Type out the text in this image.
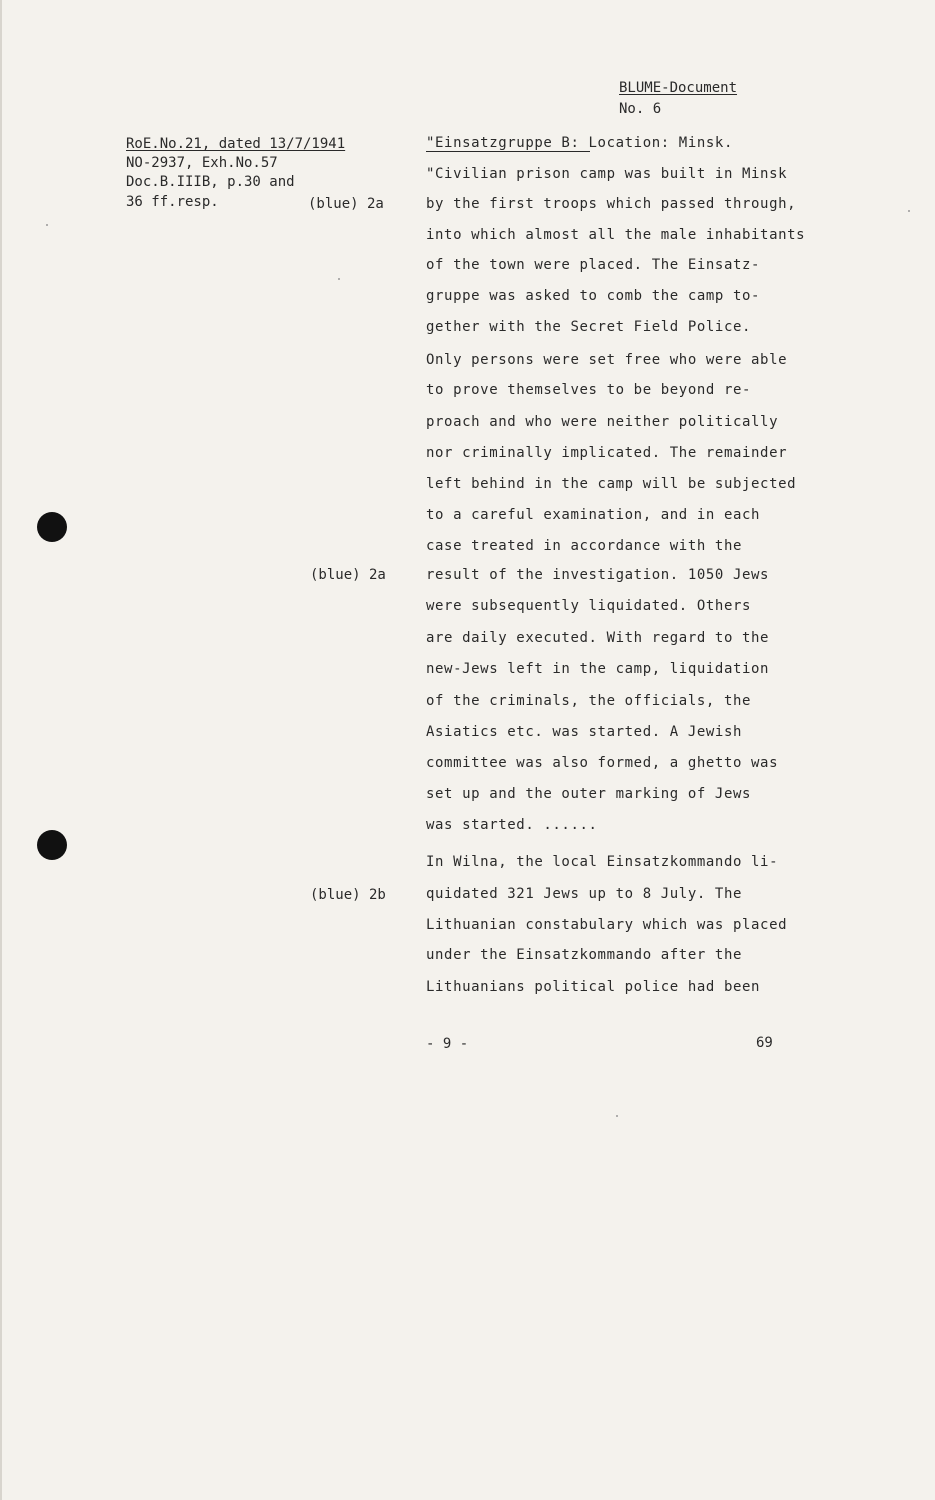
BLUME-Document
No. 6
RoE.No.21, dated 13/7/1941
NO-2937, Exh.No.57
Doc.B.IIIB, p.30 and
36 ff.resp.	(blue) 2a
(blue) 2a
(blue) 2b
"Einsatzgruppe B: Location: Minsk.
"Civilian prison camp was built in Minsk
by the first troops which passed through,
into which almost all the male inhabitants
of the town were placed. The Einsatz-
gruppe was asked to comb the camp to-
gether with the Secret Field Police.
Only persons were set free who were able
to prove themselves to be beyond re-
proach and who were neither politically
nor criminally implicated. The remainder
left behind in the camp will be subjected
to a careful examination, and in each
case treated in accordance with the
result of the investigation. 1050 Jews
were subsequently liquidated. Others
are daily executed. With regard to the
new-Jews left in the camp, liquidation
of the criminals, the officials, the
Asiatics etc. was started. A Jewish
committee was also formed, a ghetto was
set up and the outer marking of Jews
was started. ......
In Wilna, the local Einsatzkommando li-
quidated 321 Jews up to 8 July. The
Lithuanian constabulary which was placed
under the Einsatzkommando after the
Lithuanians political police had been
- 9 -	69
